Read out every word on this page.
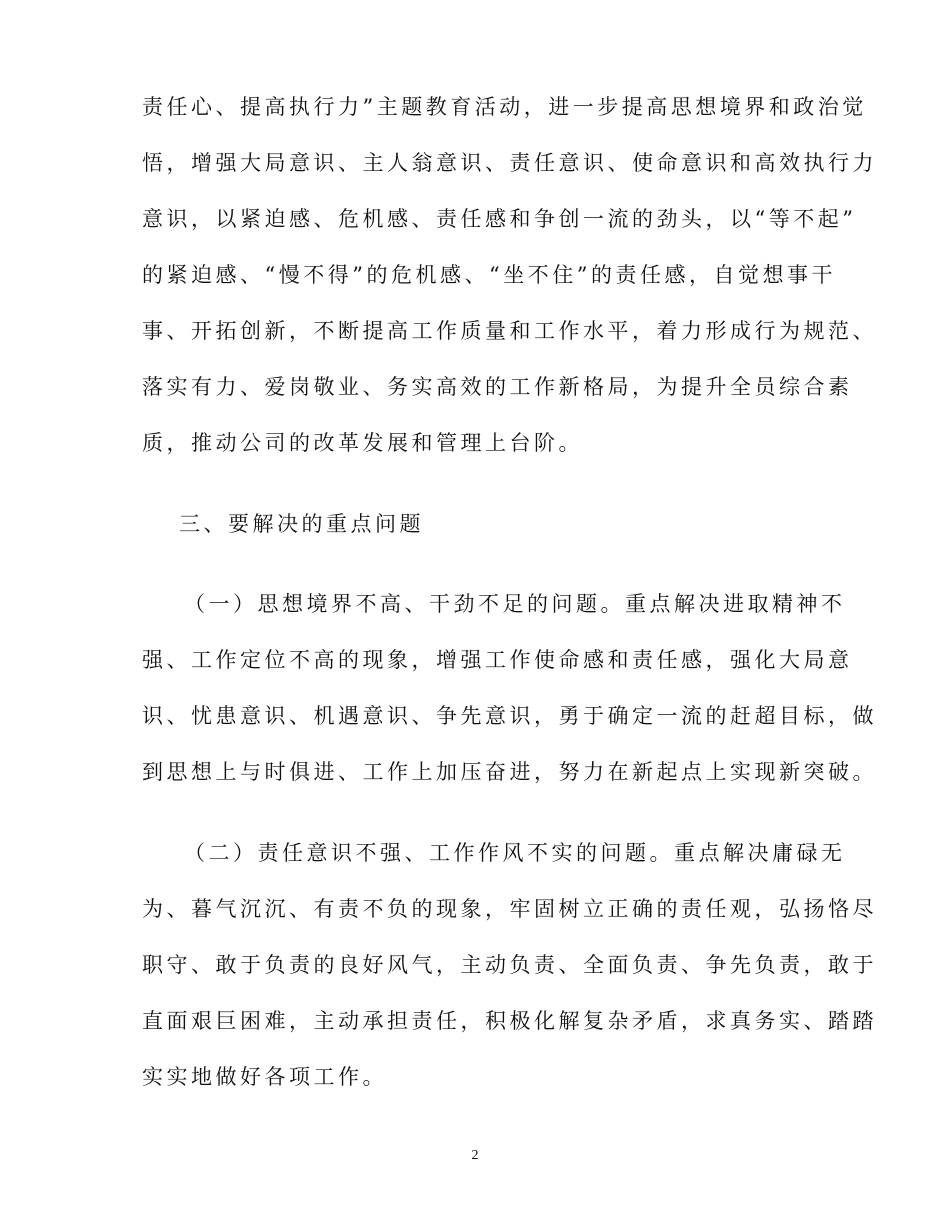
责任心、提高执行力”主题教育活动，进一步提高思想境界和政治觉
悟，增强大局意识、主人翁意识、责任意识、使命意识和高效执行力
意识，以紧迫感、危机感、责任感和争创一流的劲头，以“等不起”
的紧迫感、“慢不得”的危机感、“坐不住”的责任感，自觉想事干
事、开拓创新，不断提高工作质量和工作水平，着力形成行为规范、
落实有力、爱岗敬业、务实高效的工作新格局，为提升全员综合素
质，推动公司的改革发展和管理上台阶。
三、要解决的重点问题
（一）思想境界不高、干劲不足的问题。重点解决进取精神不
强、工作定位不高的现象，增强工作使命感和责任感，强化大局意
识、忧患意识、机遇意识、争先意识，勇于确定一流的赶超目标，做
到思想上与时俱进、工作上加压奋进，努力在新起点上实现新突破。
（二）责任意识不强、工作作风不实的问题。重点解决庸碌无
为、暮气沉沉、有责不负的现象，牢固树立正确的责任观，弘扬恪尽
职守、敢于负责的良好风气，主动负责、全面负责、争先负责，敢于
直面艰巨困难，主动承担责任，积极化解复杂矛盾，求真务实、踏踏
实实地做好各项工作。
2
